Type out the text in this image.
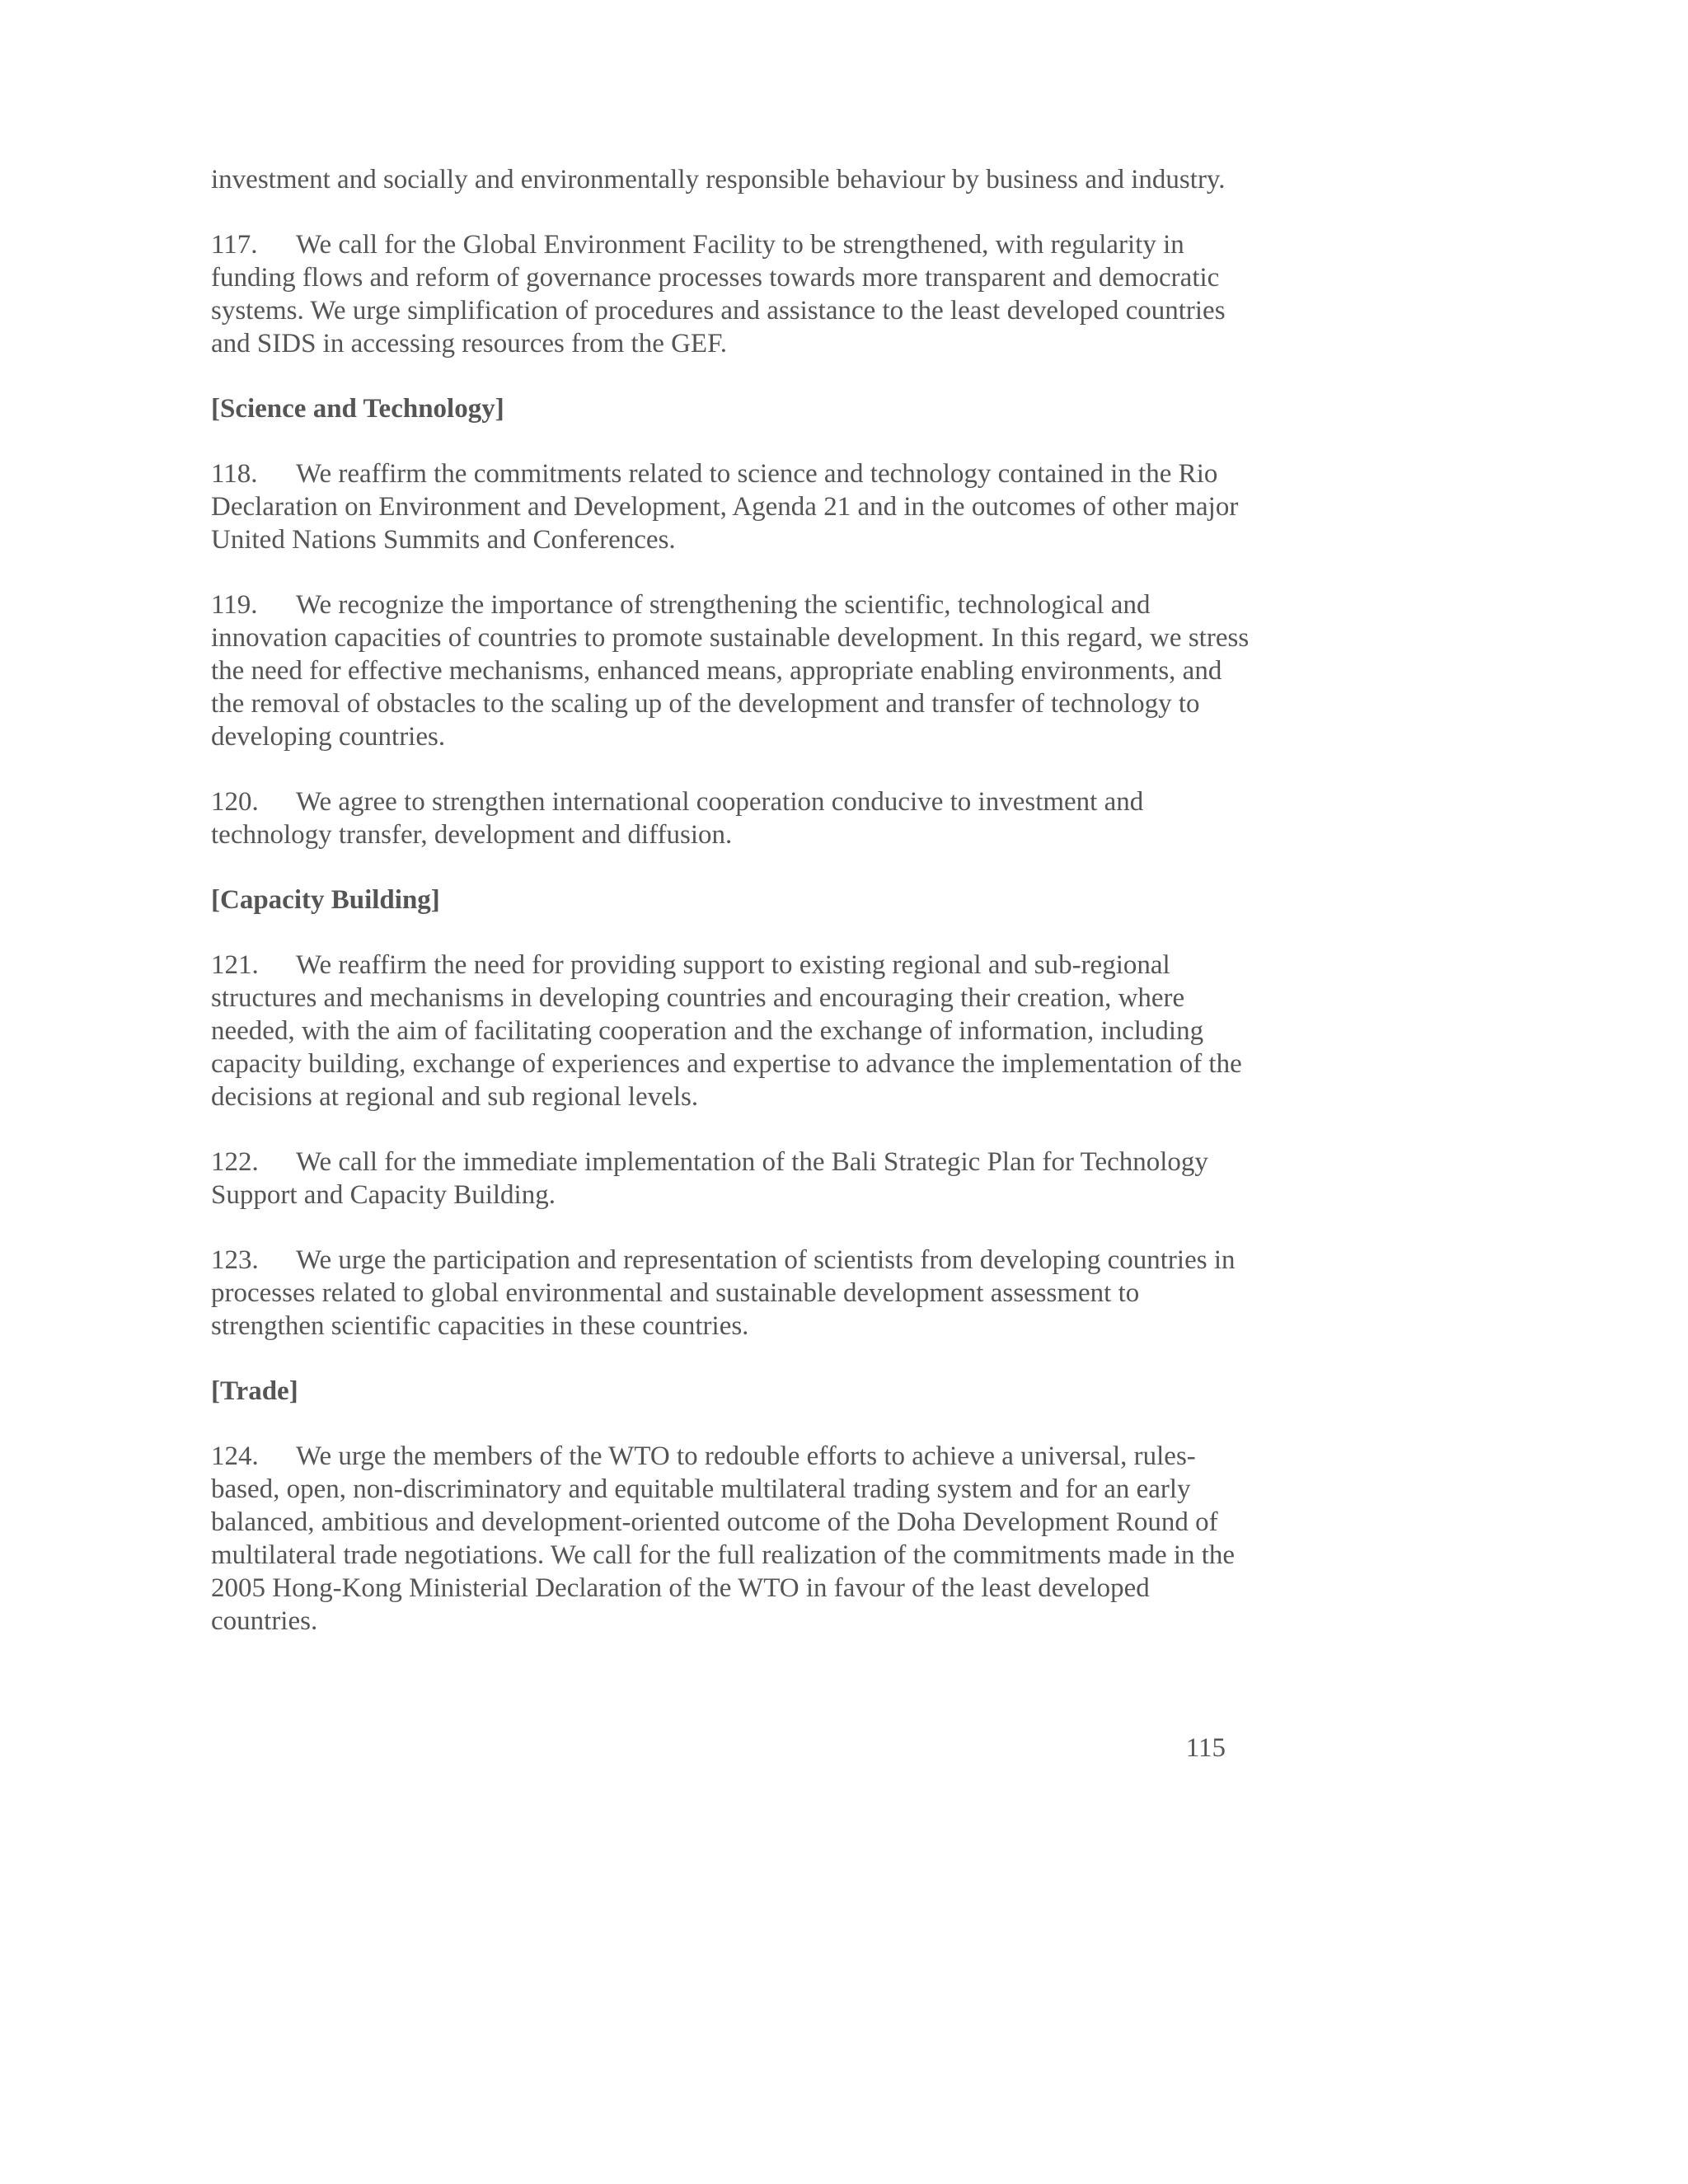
investment and socially and environmentally responsible behaviour by business and industry.

117. We call for the Global Environment Facility to be strengthened, with regularity in funding flows and reform of governance processes towards more transparent and democratic systems. We urge simplification of procedures and assistance to the least developed countries and SIDS in accessing resources from the GEF.

[Science and Technology]

118. We reaffirm the commitments related to science and technology contained in the Rio Declaration on Environment and Development, Agenda 21 and in the outcomes of other major United Nations Summits and Conferences.

119. We recognize the importance of strengthening the scientific, technological and innovation capacities of countries to promote sustainable development. In this regard, we stress the need for effective mechanisms, enhanced means, appropriate enabling environments, and the removal of obstacles to the scaling up of the development and transfer of technology to developing countries.

120. We agree to strengthen international cooperation conducive to investment and technology transfer, development and diffusion.

[Capacity Building]

121. We reaffirm the need for providing support to existing regional and sub-regional structures and mechanisms in developing countries and encouraging their creation, where needed, with the aim of facilitating cooperation and the exchange of information, including capacity building, exchange of experiences and expertise to advance the implementation of the decisions at regional and sub regional levels.

122. We call for the immediate implementation of the Bali Strategic Plan for Technology Support and Capacity Building.

123. We urge the participation and representation of scientists from developing countries in processes related to global environmental and sustainable development assessment to strengthen scientific capacities in these countries.

[Trade]

124. We urge the members of the WTO to redouble efforts to achieve a universal, rules-based, open, non-discriminatory and equitable multilateral trading system and for an early balanced, ambitious and development-oriented outcome of the Doha Development Round of multilateral trade negotiations. We call for the full realization of the commitments made in the 2005 Hong-Kong Ministerial Declaration of the WTO in favour of the least developed countries.

115
